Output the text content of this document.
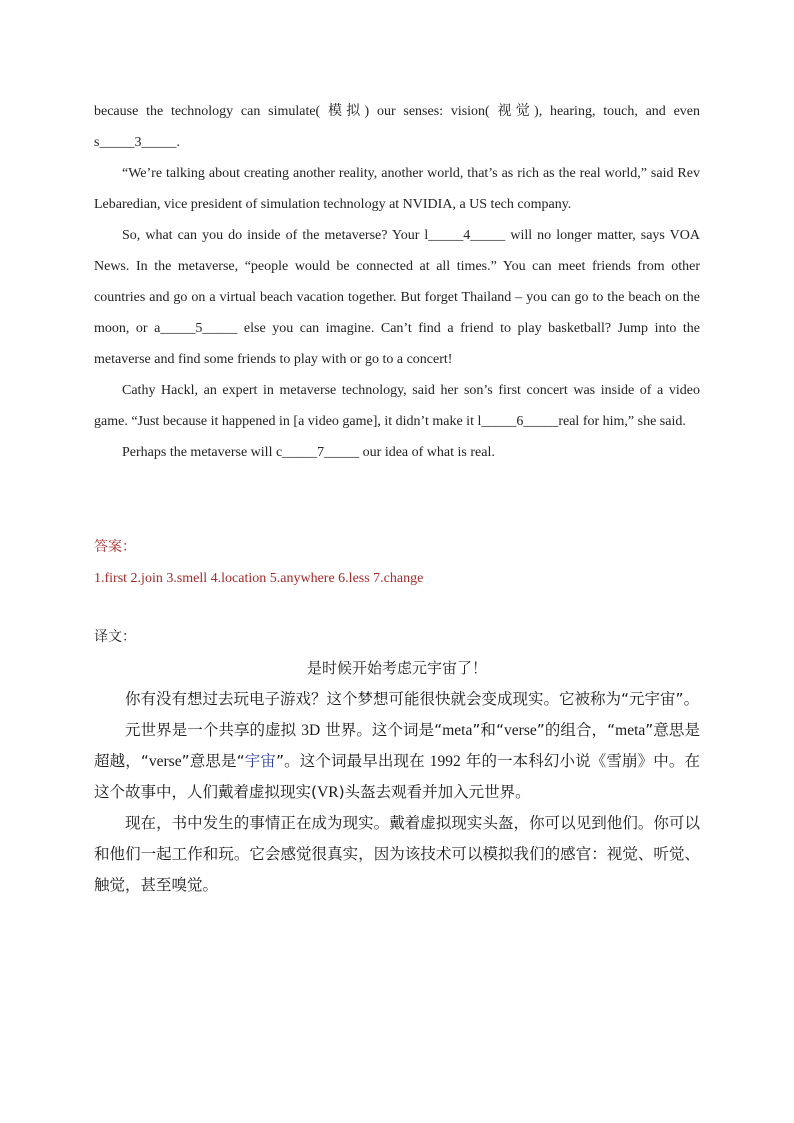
because the technology can simulate( 模拟) our senses: vision( 视觉), hearing, touch, and even s_____3_____.

“We’re talking about creating another reality, another world, that’s as rich as the real world,” said Rev Lebaredian, vice president of simulation technology at NVIDIA, a US tech company.

So, what can you do inside of the metaverse? Your l_____4_____ will no longer matter, says VOA News. In the metaverse, “people would be connected at all times.” You can meet friends from other countries and go on a virtual beach vacation together. But forget Thailand – you can go to the beach on the moon, or a_____5_____ else you can imagine. Can’t find a friend to play basketball? Jump into the metaverse and find some friends to play with or go to a concert!

Cathy Hackl, an expert in metaverse technology, said her son’s first concert was inside of a video game. “Just because it happened in [a video game], it didn’t make it l_____6_____real for him,” she said.

Perhaps the metaverse will c_____7_____ our idea of what is real.

答案：

1.first 2.join 3.smell 4.location 5.anywhere 6.less 7.change

译文：

是时候开始考虑元宇宙了！

你有没有想过去玩电子游戏？这个梦想可能很快就会变成现实。它被称为“元宇宙”。

元世界是一个共享的虚拟 3D 世界。这个词是“meta”和“verse”的组合，“meta”意思是超越，“verse”意思是“宇宙”。这个词最早出现在 1992 年的一本科幻小说《雪崩》中。在这个故事中，人们戴着虚拟现实(VR)头盔去观看并加入元世界。

现在，书中发生的事情正在成为现实。戴着虚拟现实头盔，你可以见到他们。你可以和他们一起工作和玩。它会感觉很真实，因为该技术可以模拟我们的感官：视觉、听觉、触觉，甚至嗅觉。
